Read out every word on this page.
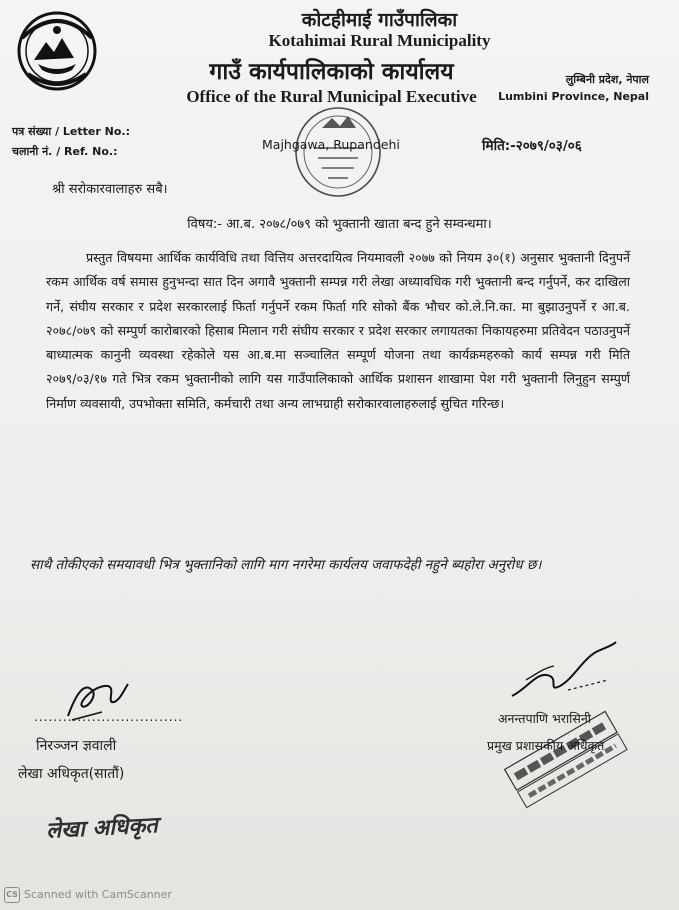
कोटहीमाई गाउँपालिका
Kotahimai Rural Municipality
गाउँ कार्यपालिकाको कार्यालय
Office of the Rural Municipal Executive
लुम्बिनी प्रदेश, नेपाल
Lumbini Province, Nepal
पत्र संख्या / Letter No.:
चलानी नं. / Ref. No.:	Majhgawa, Rupandehi	मिति:-२०७९/०३/०६
श्री सरोकारवालाहरु सबै।
विषय:- आ.ब. २०७८/०७९ को भुक्तानी खाता बन्द हुने सम्वन्धमा।
प्रस्तुत विषयमा आर्थिक कार्यविधि तथा वित्तिय अत्तरदायित्व नियमावली २०७७ को नियम ३०(१) अनुसार भुक्तानी दिनुपर्ने रकम आर्थिक वर्ष समास हुनुभन्दा सात दिन अगावै भुक्तानी सम्पन्न गरी लेखा अध्यावधिक गरी भुक्तानी बन्द गर्नुपर्ने, कर दाखिला गर्ने, संघीय सरकार र प्रदेश सरकारलाई फिर्ता गर्नुपर्ने रकम फिर्ता गरि सोको बैंक भौचर को.ले.नि.का. मा बुझाउनुपर्ने र आ.ब. २०७८/०७९ को सम्पुर्ण कारोबारको हिसाब मिलान गरी संघीय सरकार र प्रदेश सरकार लगायतका निकायहरुमा प्रतिवेदन पठाउनुपर्ने बाध्यात्मक कानुनी व्यवस्था रहेकोले यस आ.ब.मा सञ्चालित सम्पूर्ण योजना तथा कार्यक्रमहरुको कार्य सम्पन्न गरी मिति २०७९/०३/१७ गते भित्र रकम भुक्तानीको लागि यस गाउँपालिकाको आर्थिक प्रशासन शाखामा पेश गरी भुक्तानी लिनुहुन सम्पुर्ण निर्माण व्यवसायी, उपभोक्ता समिति, कर्मचारी तथा अन्य लाभग्राही सरोकारवालाहरुलाई सुचित गरिन्छ।
साथै तोकीएको समयावधी भित्र भुक्तानिको लागि माग नगरेमा कार्यलय जवाफदेही नहुने ब्यहोरा अनुरोध छ।
...............................
निरञ्जन ज्ञवाली
लेखा अधिकृत(सातौं)
लेखा अधिकृत
अनन्तपाणि भरासिनी
प्रमुख प्रशासकीय अधिकृत
CS Scanned with CamScanner
